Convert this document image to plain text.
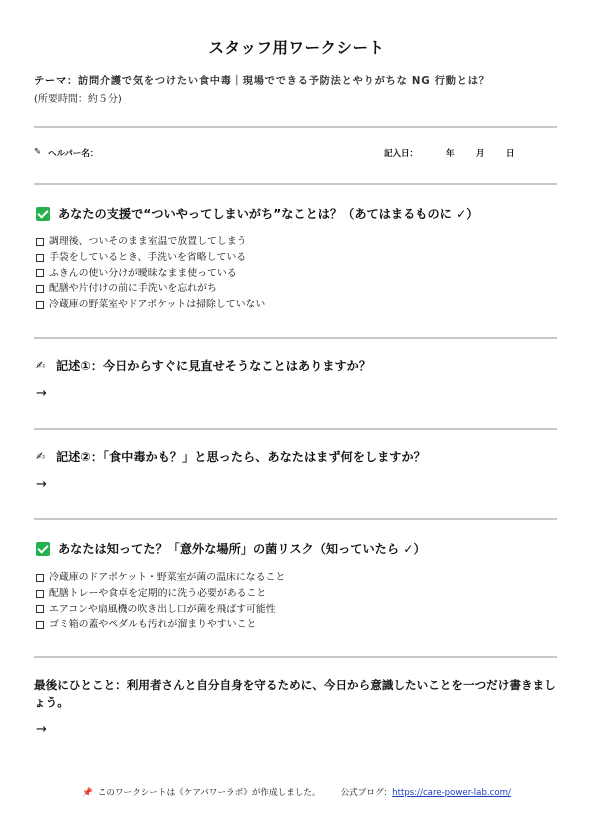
スタッフ用ワークシート
テーマ：訪問介護で気をつけたい食中毒｜現場でできる予防法とやりがちな NG 行動とは？
(所要時間：約５分)
✎ ヘルパー名：	記入日：	年	月	日
あなたの支援で“ついやってしまいがち”なことは？（あてはまるものに ✓）
調理後、ついそのまま室温で放置してしまう
手袋をしているとき、手洗いを省略している
ふきんの使い分けが曖昧なまま使っている
配膳や片付けの前に手洗いを忘れがち
冷蔵庫の野菜室やドアポケットは掃除していない
✍ 記述①：今日からすぐに見直せそうなことはありますか？
→
✍ 記述②：「食中毒かも？」と思ったら、あなたはまず何をしますか？
→
あなたは知ってた？「意外な場所」の菌リスク（知っていたら ✓）
冷蔵庫のドアポケット・野菜室が菌の温床になること
配膳トレーや食卓を定期的に洗う必要があること
エアコンや扇風機の吹き出し口が菌を飛ばす可能性
ゴミ箱の蓋やペダルも汚れが溜まりやすいこと
最後にひとこと：利用者さんと自分自身を守るために、今日から意識したいことを一つだけ書きましょう。
→
📌 このワークシートは《ケアパワーラボ》が作成しました。 公式ブログ：https://care-power-lab.com/
